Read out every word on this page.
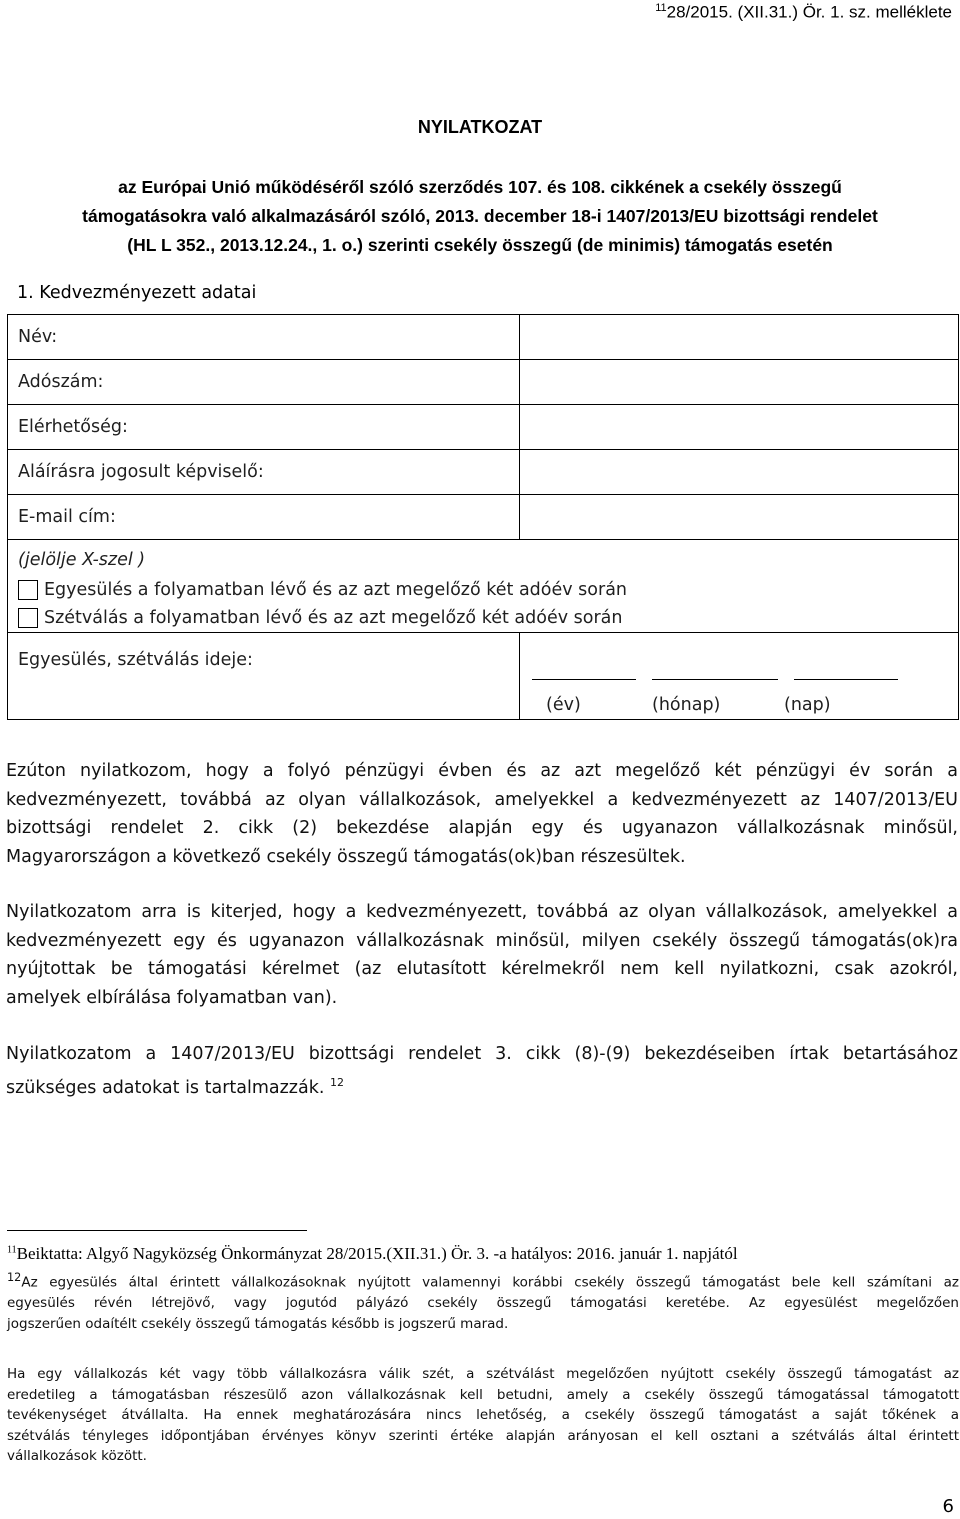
$^{11}$28/2015. (XII.31.) Ör. 1. sz. melléklete
NYILATKOZAT
az Európai Unió működéséről szóló szerződés 107. és 108. cikkének a csekély összegű
támogatásokra való alkalmazásáról szóló, 2013. december 18-i 1407/2013/EU bizottsági rendelet
(HL L 352., 2013.12.24., 1. o.) szerinti csekély összegű (de minimis) támogatás esetén
1. Kedvezményezett adatai
Név:	
Adószám:	
Elérhetőség:	
Aláírásra jogosult képviselő:	
E-mail cím:	

(jelölje X-szel )
Egyesülés a folyamatban lévő és az azt megelőző két adóév során
Szétválás a folyamatban lévő és az azt megelőző két adóév során	

Egyesülés, szétválás ideje:	(év) (hónap) (nap)
Ezúton nyilatkozom, hogy a folyó pénzügyi évben és az azt megelőző két pénzügyi év során a
kedvezményezett, továbbá az olyan vállalkozások, amelyekkel a kedvezményezett az 1407/2013/EU
bizottsági rendelet 2. cikk (2) bekezdése alapján egy és ugyanazon vállalkozásnak minősül,
Magyarországon a következő csekély összegű támogatás(ok)ban részesültek.
Nyilatkozatom arra is kiterjed, hogy a kedvezményezett, továbbá az olyan vállalkozások, amelyekkel a
kedvezményezett egy és ugyanazon vállalkozásnak minősül, milyen csekély összegű támogatás(ok)ra
nyújtottak be támogatási kérelmet (az elutasított kérelmekről nem kell nyilatkozni, csak azokról,
amelyek elbírálása folyamatban van).
Nyilatkozatom a 1407/2013/EU bizottsági rendelet 3. cikk (8)-(9) bekezdéseiben írtak betartásához
szükséges adatokat is tartalmazzák. $^{12}$
$^{11}$Beiktatta: Algyő Nagyközség Önkormányzat 28/2015.(XII.31.) Ör. 3. -a hatályos: 2016. január 1. napjától
$^{12}$Az egyesülés által érintett vállalkozásoknak nyújtott valamennyi korábbi csekély összegű támogatást bele kell számítani az
egyesülés révén létrejövő, vagy jogutód pályázó csekély összegű támogatási keretébe. Az egyesülést megelőzően
jogszerűen odaítélt csekély összegű támogatás később is jogszerű marad.
Ha egy vállalkozás két vagy több vállalkozásra válik szét, a szétválást megelőzően nyújtott csekély összegű támogatást az
eredetileg a támogatásban részesülő azon vállalkozásnak kell betudni, amely a csekély összegű támogatással támogatott
tevékenységet átvállalta. Ha ennek meghatározására nincs lehetőség, a csekély összegű támogatást a saját tőkének a
szétválás tényleges időpontjában érvényes könyv szerinti értéke alapján arányosan el kell osztani a szétválás által érintett
vállalkozások között.
6
